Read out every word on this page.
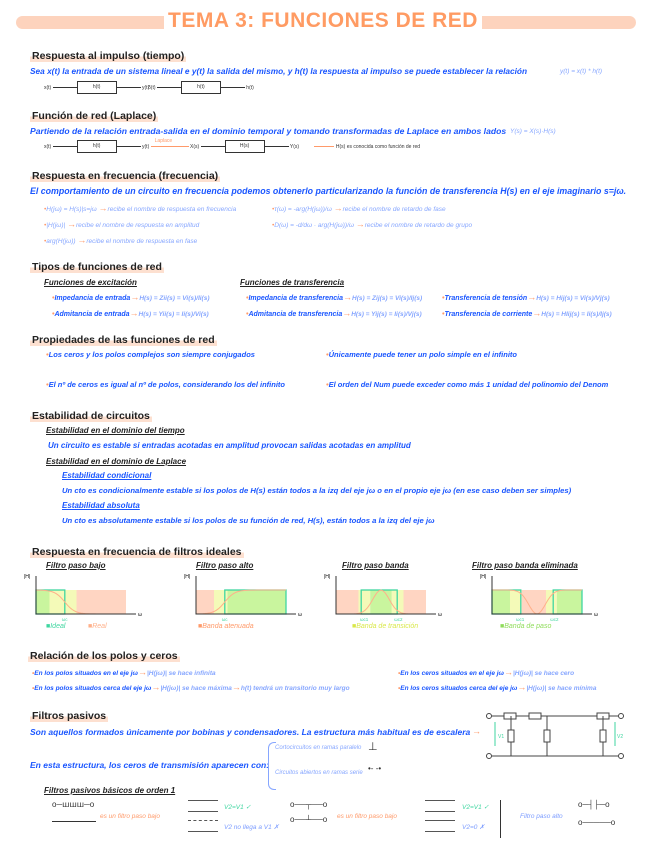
TEMA 3: FUNCIONES DE RED
Respuesta al impulso (tiempo)
Sea x(t) la entrada de un sistema lineal e y(t) la salida del mismo, y h(t) la respuesta al impulso se puede establecer la relación	y(t) = x(t) * h(t)
x(t)	h(t)	y(t)
δ(t)	h(t)	h(t)
Función de red (Laplace)
Partiendo de la relación entrada-salida en el dominio temporal y tomando transformadas de Laplace en ambos lados Y(s) = X(s)·H(s)
x(t)	h(t)	y(t)
Laplace
X(s)	H(s)	Y(s)	H(s) es conocida como función de red
Respuesta en frecuencia (frecuencia)
El comportamiento de un circuito en frecuencia podemos obtenerlo particularizando la función de transferencia H(s) en el eje imaginario s=jω.
•H(jω) = H(s)|s=jω →recibe el nombre de respuesta en frecuencia
•|H(jω)| →recibe el nombre de respuesta en amplitud
•arg(H(jω)) →recibe el nombre de respuesta en fase
•τ(ω) = -arg(H(jω))/ω →recibe el nombre de retardo de fase
•D(ω) = -d/dω · arg(H(jω))/ω →recibe el nombre de retardo de grupo
Tipos de funciones de red
Funciones de excitación	Funciones de transferencia
•Impedancia de entrada→H(s) = Zii(s) = Vi(s)/Ii(s)
•Admitancia de entrada→H(s) = Yii(s) = Ii(s)/Vi(s)
•Impedancia de transferencia→H(s) = Zij(s) = Vi(s)/Ij(s)
•Admitancia de transferencia→H(s) = Yij(s) = Ii(s)/Vj(s)
•Transferencia de tensión→H(s) = Hij(s) = Vi(s)/Vj(s)
•Transferencia de corriente→H(s) = HIij(s) = Ii(s)/Ij(s)
Propiedades de las funciones de red
•Los ceros y los polos complejos son siempre conjugados	•Únicamente puede tener un polo simple en el infinito
•El nº de ceros es igual al nº de polos, considerando los del infinito	•El orden del Num puede exceder como más 1 unidad del polinomio del Denom
Estabilidad de circuitos
Estabilidad en el dominio del tiempo
Un circuito es estable si entradas acotadas en amplitud provocan salidas acotadas en amplitud
Estabilidad en el dominio de Laplace
Estabilidad condicional
Un cto es condicionalmente estable si los polos de H(s) están todos a la izq del eje jω o en el propio eje jω (en ese caso deben ser simples)
Estabilidad absoluta
Un cto es absolutamente estable si los polos de su función de red, H(s), están todos a la izq del eje jω
Respuesta en frecuencia de filtros ideales
Filtro paso bajo
|H|
ω
ωc
Filtro paso alto
|H|
ω
ωc
Filtro paso banda
|H|
ω
ωc1	ωc2
Filtro paso banda eliminada
|H|
ω
ωc1	ωc2
■Ideal	■Real	■Banda atenuada	■Banda de transición	■Banda de paso
Relación de los polos y ceros
•En los polos situados en el eje jω→|H(jω)| se hace infinita
•En los polos situados cerca del eje jω→|H(jω)| se hace máxima→h(t) tendrá un transitorio muy largo
•En los ceros situados en el eje jω→|H(jω)| se hace cero
•En los ceros situados cerca del eje jω→|H(jω)| se hace mínima
Filtros pasivos
Son aquellos formados únicamente por bobinas y condensadores. La estructura más habitual es de escalera →
V1	V2
En esta estructura, los ceros de transmisión aparecen con:
Cortocircuitos en ramas paralelo ⊥
Circuitos abiertos en ramas serie •- -•
Filtros pasivos básicos de orden 1
o─ꟺꟺꟺ─o
es un filtro paso bajo
V2=V1 ✓
V2 no llega a V1 ✗
o──┬──o
o──┴──o es un filtro paso bajo
V2=V1 ✓
V2=0 ✗
Filtro paso alto
o─┤├─o
o─────o
